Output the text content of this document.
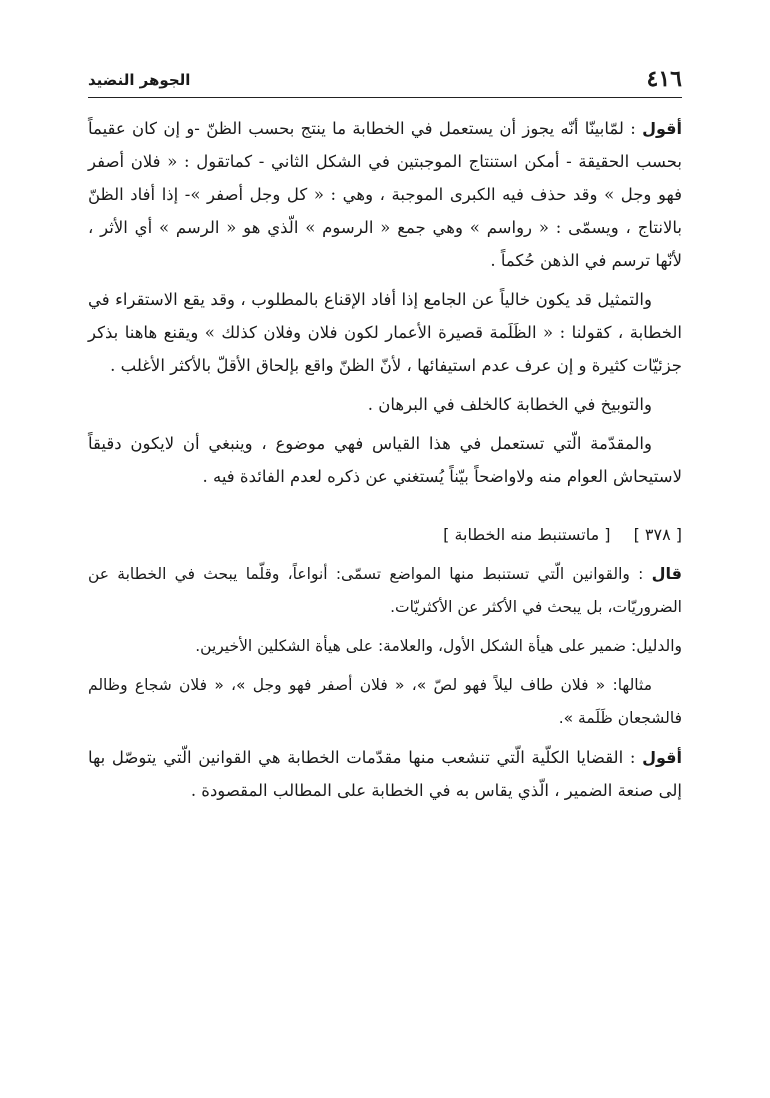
٤١٦
الجوهر النضيد

أقول : لمّابينّا أنّه يجوز أن يستعمل في الخطابة ما ينتج بحسب الظنّ -و إن كان عقيماً بحسب الحقيقة - أمكن استنتاج الموجبتين في الشكل الثاني - كماتقول : « فلان أصفر فهو وجل » وقد حذف فيه الكبرى الموجبة ، وهي : « كل وجل أصفر »- إذا أفاد الظنّ بالانتاج ، ويسمّى : « رواسم » وهي جمع « الرسوم » الّذي هو « الرسم » أي الأثر ، لأنّها ترسم في الذهن حُكماً .

والتمثيل قد يكون خالياً عن الجامع إذا أفاد الإقناع بالمطلوب ، وقد يقع الاستقراء في الخطابة ، كقولنا : « الظَلَمة قصيرة الأعمار لكون فلان وفلان كذلك » ويقنع هاهنا بذكر جزئيّات كثيرة و إن عرف عدم استيفائها ، لأنّ الظنّ واقع بإلحاق الأقلّ بالأكثر الأغلب .

والتوبيخ في الخطابة كالخلف في البرهان .

والمقدّمة الّتي تستعمل في هذا القياس فهي موضوع ، وينبغي أن لايكون دقيقاً لاستيحاش العوام منه ولاواضحاً بيّناً يُستغني عن ذكره لعدم الفائدة فيه .

[ ٣٧٨ ] [ ماتستنبط منه الخطابة ]

قال : والقوانين الّتي تستنبط منها المواضع تسمّى: أنواعاً، وقلّما يبحث في الخطابة عن الضروريّات، بل يبحث في الأكثر عن الأكثريّات.

والدليل: ضمير على هيأة الشكل الأول، والعلامة: على هيأة الشكلين الأخيرين.

مثالها: « فلان طاف ليلاً فهو لصّ »، « فلان أصفر فهو وجل »، « فلان شجاع وظالم فالشجعان ظَلَمة ».

أقول : القضايا الكلّية الّتي تنشعب منها مقدّمات الخطابة هي القوانين الّتي يتوصّل بها إلى صنعة الضمير ، الّذي يقاس به في الخطابة على المطالب المقصودة .
